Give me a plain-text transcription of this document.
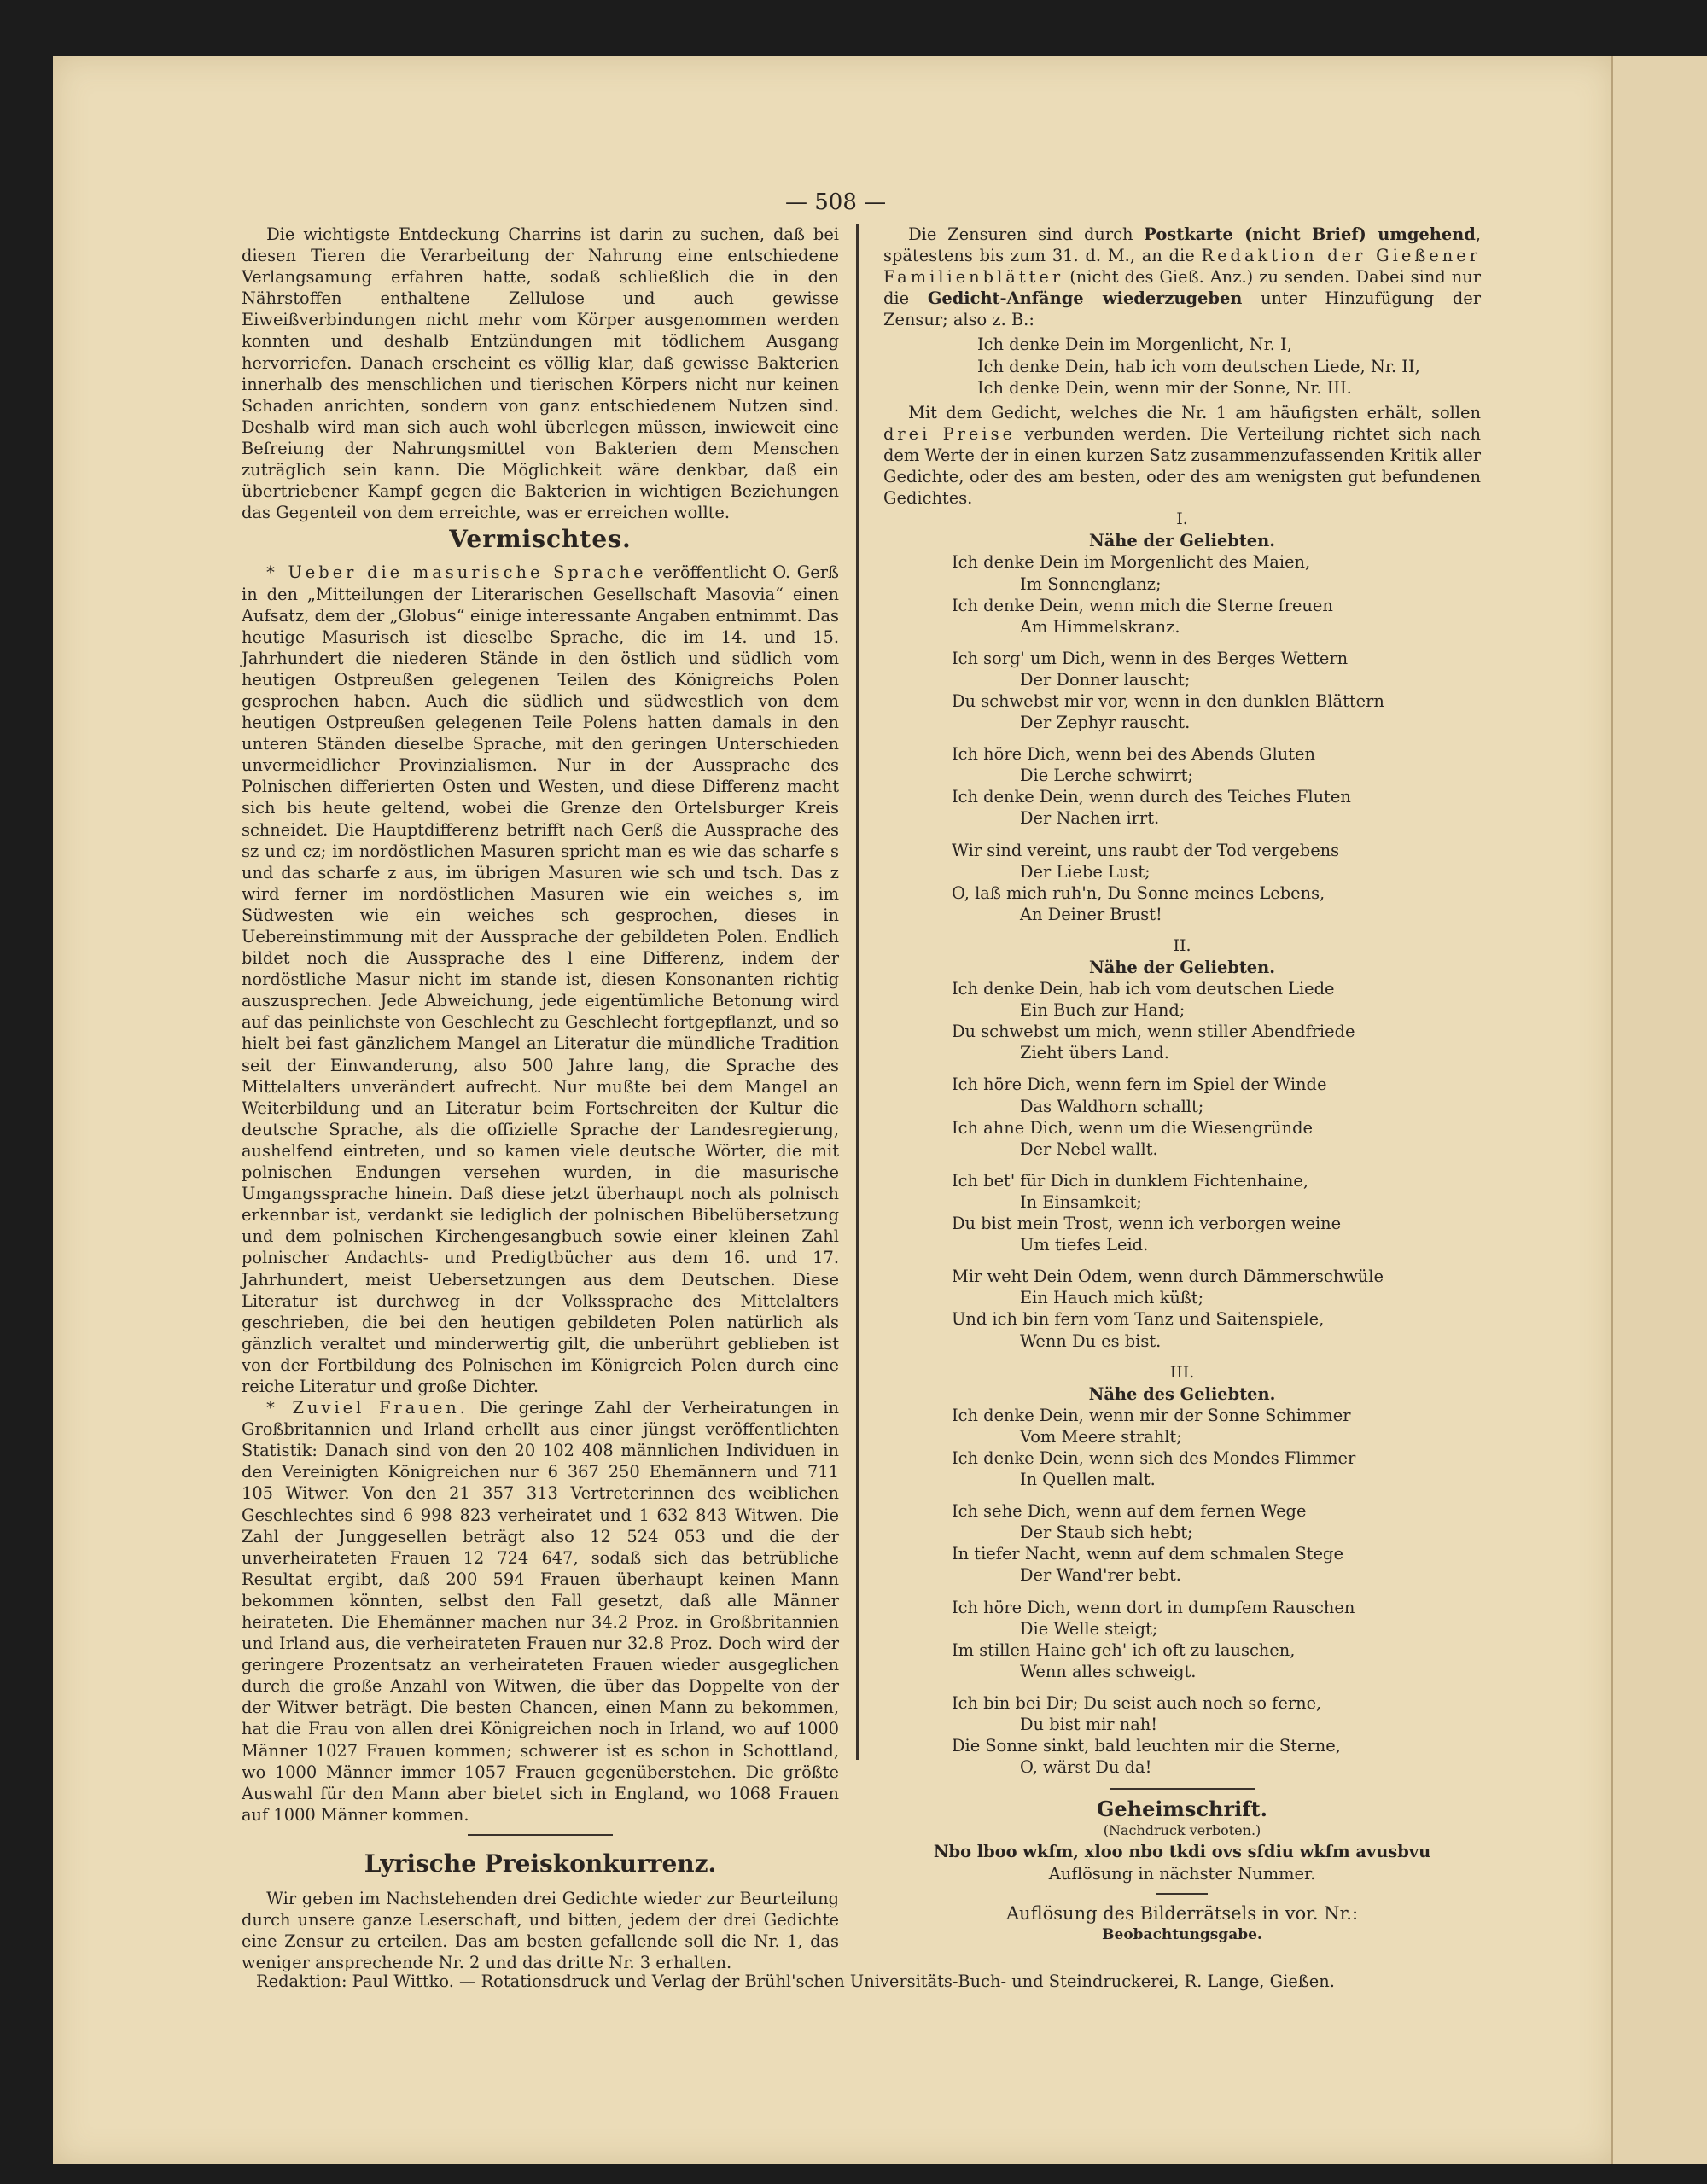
— 508 —

Die wichtigste Entdeckung Charrins ist darin zu suchen, daß bei diesen Tieren die Verarbeitung der Nahrung eine entschiedene Verlangsamung erfahren hatte, sodaß schließlich die in den Nährstoffen enthaltene Zellulose und auch gewisse Eiweißverbindungen nicht mehr vom Körper ausgenommen werden konnten und deshalb Entzündungen mit tödlichem Ausgang hervorriefen. Danach erscheint es völlig klar, daß gewisse Bakterien innerhalb des menschlichen und tierischen Körpers nicht nur keinen Schaden anrichten, sondern von ganz entschiedenem Nutzen sind. Deshalb wird man sich auch wohl überlegen müssen, inwieweit eine Befreiung der Nahrungsmittel von Bakterien dem Menschen zuträglich sein kann. Die Möglichkeit wäre denkbar, daß ein übertriebener Kampf gegen die Bakterien in wichtigen Beziehungen das Gegenteil von dem erreichte, was er erreichen wollte.

Vermischtes.

* Ueber die masurische Sprache veröffentlicht O. Gerß in den „Mitteilungen der Literarischen Gesellschaft Masovia“ einen Aufsatz, dem der „Globus“ einige interessante Angaben entnimmt. Das heutige Masurisch ist dieselbe Sprache, die im 14. und 15. Jahrhundert die niederen Stände in den östlich und südlich vom heutigen Ostpreußen gelegenen Teilen des Königreichs Polen gesprochen haben. Auch die südlich und südwestlich von dem heutigen Ostpreußen gelegenen Teile Polens hatten damals in den unteren Ständen dieselbe Sprache, mit den geringen Unterschieden unvermeidlicher Provinzialismen. Nur in der Aussprache des Polnischen differierten Osten und Westen, und diese Differenz macht sich bis heute geltend, wobei die Grenze den Ortelsburger Kreis schneidet. Die Hauptdifferenz betrifft nach Gerß die Aussprache des sz und cz; im nordöstlichen Masuren spricht man es wie das scharfe s und das scharfe z aus, im übrigen Masuren wie sch und tsch. Das z wird ferner im nordöstlichen Masuren wie ein weiches s, im Südwesten wie ein weiches sch gesprochen, dieses in Uebereinstimmung mit der Aussprache der gebildeten Polen. Endlich bildet noch die Aussprache des l eine Differenz, indem der nordöstliche Masur nicht im stande ist, diesen Konsonanten richtig auszusprechen. Jede Abweichung, jede eigentümliche Betonung wird auf das peinlichste von Geschlecht zu Geschlecht fortgepflanzt, und so hielt bei fast gänzlichem Mangel an Literatur die mündliche Tradition seit der Einwanderung, also 500 Jahre lang, die Sprache des Mittelalters unverändert aufrecht. Nur mußte bei dem Mangel an Weiterbildung und an Literatur beim Fortschreiten der Kultur die deutsche Sprache, als die offizielle Sprache der Landesregierung, aushelfend eintreten, und so kamen viele deutsche Wörter, die mit polnischen Endungen versehen wurden, in die masurische Umgangssprache hinein. Daß diese jetzt überhaupt noch als polnisch erkennbar ist, verdankt sie lediglich der polnischen Bibelübersetzung und dem polnischen Kirchengesangbuch sowie einer kleinen Zahl polnischer Andachts- und Predigtbücher aus dem 16. und 17. Jahrhundert, meist Uebersetzungen aus dem Deutschen. Diese Literatur ist durchweg in der Volkssprache des Mittelalters geschrieben, die bei den heutigen gebildeten Polen natürlich als gänzlich veraltet und minderwertig gilt, die unberührt geblieben ist von der Fortbildung des Polnischen im Königreich Polen durch eine reiche Literatur und große Dichter.

* Zuviel Frauen. Die geringe Zahl der Verheiratungen in Großbritannien und Irland erhellt aus einer jüngst veröffentlichten Statistik: Danach sind von den 20 102 408 männlichen Individuen in den Vereinigten Königreichen nur 6 367 250 Ehemännern und 711 105 Witwer. Von den 21 357 313 Vertreterinnen des weiblichen Geschlechtes sind 6 998 823 verheiratet und 1 632 843 Witwen. Die Zahl der Junggesellen beträgt also 12 524 053 und die der unverheirateten Frauen 12 724 647, sodaß sich das betrübliche Resultat ergibt, daß 200 594 Frauen überhaupt keinen Mann bekommen könnten, selbst den Fall gesetzt, daß alle Männer heirateten. Die Ehemänner machen nur 34.2 Proz. in Großbritannien und Irland aus, die verheirateten Frauen nur 32.8 Proz. Doch wird der geringere Prozentsatz an verheirateten Frauen wieder ausgeglichen durch die große Anzahl von Witwen, die über das Doppelte von der der Witwer beträgt. Die besten Chancen, einen Mann zu bekommen, hat die Frau von allen drei Königreichen noch in Irland, wo auf 1000 Männer 1027 Frauen kommen; schwerer ist es schon in Schottland, wo 1000 Männer immer 1057 Frauen gegenüberstehen. Die größte Auswahl für den Mann aber bietet sich in England, wo 1068 Frauen auf 1000 Männer kommen.

Lyrische Preiskonkurrenz.

Wir geben im Nachstehenden drei Gedichte wieder zur Beurteilung durch unsere ganze Leserschaft, und bitten, jedem der drei Gedichte eine Zensur zu erteilen. Das am besten gefallende soll die Nr. 1, das weniger ansprechende Nr. 2 und das dritte Nr. 3 erhalten.

Die Zensuren sind durch Postkarte (nicht Brief) umgehend, spätestens bis zum 31. d. M., an die Redaktion der Gießener Familienblätter (nicht des Gieß. Anz.) zu senden. Dabei sind nur die Gedicht-Anfänge wiederzugeben unter Hinzufügung der Zensur; also z. B.:

Ich denke Dein im Morgenlicht, Nr. I,

Ich denke Dein, hab ich vom deutschen Liede, Nr. II,

Ich denke Dein, wenn mir der Sonne, Nr. III.

Mit dem Gedicht, welches die Nr. 1 am häufigsten erhält, sollen drei Preise verbunden werden. Die Verteilung richtet sich nach dem Werte der in einen kurzen Satz zusammenzufassenden Kritik aller Gedichte, oder des am besten, oder des am wenigsten gut befundenen Gedichtes.

I.

Nähe der Geliebten.

Ich denke Dein im Morgenlicht des Maien,

Im Sonnenglanz;

Ich denke Dein, wenn mich die Sterne freuen

Am Himmelskranz.

Ich sorg' um Dich, wenn in des Berges Wettern

Der Donner lauscht;

Du schwebst mir vor, wenn in den dunklen Blättern

Der Zephyr rauscht.

Ich höre Dich, wenn bei des Abends Gluten

Die Lerche schwirrt;

Ich denke Dein, wenn durch des Teiches Fluten

Der Nachen irrt.

Wir sind vereint, uns raubt der Tod vergebens

Der Liebe Lust;

O, laß mich ruh'n, Du Sonne meines Lebens,

An Deiner Brust!

II.

Nähe der Geliebten.

Ich denke Dein, hab ich vom deutschen Liede

Ein Buch zur Hand;

Du schwebst um mich, wenn stiller Abendfriede

Zieht übers Land.

Ich höre Dich, wenn fern im Spiel der Winde

Das Waldhorn schallt;

Ich ahne Dich, wenn um die Wiesengründe

Der Nebel wallt.

Ich bet' für Dich in dunklem Fichtenhaine,

In Einsamkeit;

Du bist mein Trost, wenn ich verborgen weine

Um tiefes Leid.

Mir weht Dein Odem, wenn durch Dämmerschwüle

Ein Hauch mich küßt;

Und ich bin fern vom Tanz und Saitenspiele,

Wenn Du es bist.

III.

Nähe des Geliebten.

Ich denke Dein, wenn mir der Sonne Schimmer

Vom Meere strahlt;

Ich denke Dein, wenn sich des Mondes Flimmer

In Quellen malt.

Ich sehe Dich, wenn auf dem fernen Wege

Der Staub sich hebt;

In tiefer Nacht, wenn auf dem schmalen Stege

Der Wand'rer bebt.

Ich höre Dich, wenn dort in dumpfem Rauschen

Die Welle steigt;

Im stillen Haine geh' ich oft zu lauschen,

Wenn alles schweigt.

Ich bin bei Dir; Du seist auch noch so ferne,

Du bist mir nah!

Die Sonne sinkt, bald leuchten mir die Sterne,

O, wärst Du da!

Geheimschrift.

(Nachdruck verboten.)

Nbo lboo wkfm, xloo nbo tkdi ovs sfdiu wkfm avusbvu

Auflösung in nächster Nummer.

Auflösung des Bilderrätsels in vor. Nr.:

Beobachtungsgabe.

Redaktion: Paul Wittko. — Rotationsdruck und Verlag der Brühl'schen Universitäts-Buch- und Steindruckerei, R. Lange, Gießen.
